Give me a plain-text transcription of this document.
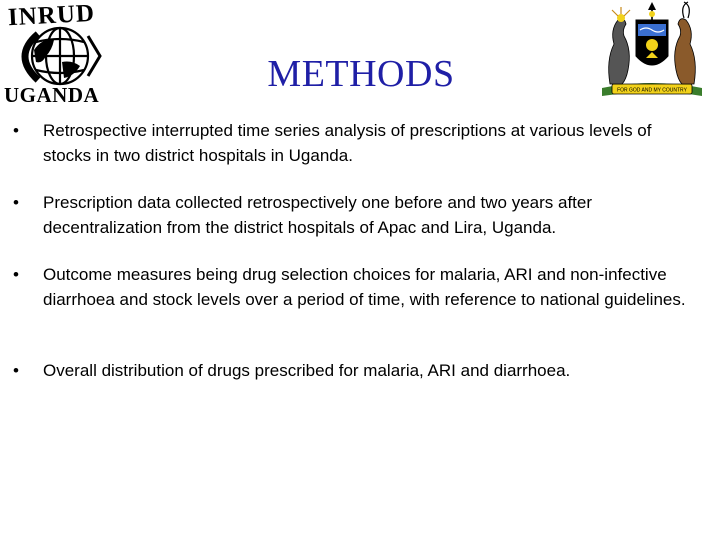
INRUD
UGANDA	FOR GOD AND MY COUNTRY
METHODS
•	Retrospective interrupted time series analysis of prescriptions at various levels of stocks in two district hospitals in Uganda.
•	Prescription data collected retrospectively one before and two years after decentralization from the district hospitals of Apac and Lira, Uganda.
•	Outcome measures being drug selection choices for malaria, ARI and non-infective diarrhoea and stock levels over a period of time, with reference to national guidelines.
•	Overall distribution of drugs prescribed for malaria, ARI and diarrhoea.
